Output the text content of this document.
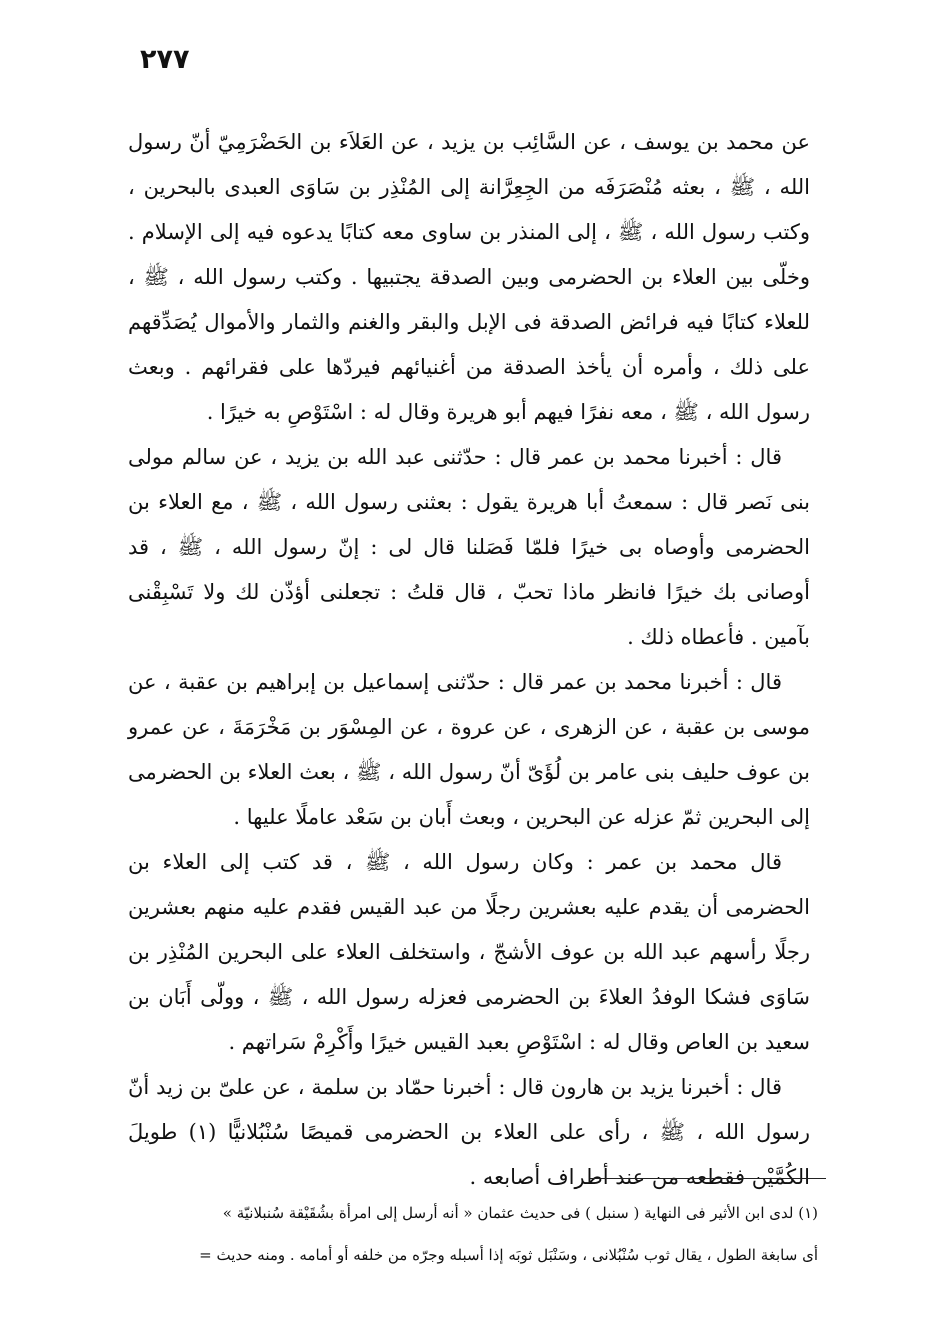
٢٧٧

عن محمد بن يوسف ، عن السَّائِب بن يزيد ، عن العَلاَء بن الحَضْرَمِيّ أنّ رسول الله ، ﷺ ، بعثه مُنْصَرَفَه من الجِعِرَّانة إلى المُنْذِر بن سَاوَى العبدى بالبحرين ، وكتب رسول الله ، ﷺ ، إلى المنذر بن ساوى معه كتابًا يدعوه فيه إلى الإسلام . وخلّى بين العلاء بن الحضرمى وبين الصدقة يجتبيها . وكتب رسول الله ، ﷺ ، للعلاء كتابًا فيه فرائض الصدقة فى الإبل والبقر والغنم والثمار والأموال يُصَدِّقهم على ذلك ، وأمره أن يأخذ الصدقة من أغنيائهم فيردّها على فقرائهم . وبعث رسول الله ، ﷺ ، معه نفرًا فيهم أبو هريرة وقال له : اسْتَوْصِ به خيرًا .

قال : أخبرنا محمد بن عمر قال : حدّثنى عبد الله بن يزيد ، عن سالم مولى بنى نَصر قال : سمعتُ أبا هريرة يقول : بعثنى رسول الله ، ﷺ ، مع العلاء بن الحضرمى وأوصاه بى خيرًا فلمّا فَصَلنا قال لى : إنّ رسول الله ، ﷺ ، قد أوصانى بك خيرًا فانظر ماذا تحبّ ، قال قلتُ : تجعلنى أؤذّن لك ولا تَسْبِقْنى بآمين . فأعطاه ذلك .

قال : أخبرنا محمد بن عمر قال : حدّثنى إسماعيل بن إبراهيم بن عقبة ، عن موسى بن عقبة ، عن الزهرى ، عن عروة ، عن المِسْوَر بن مَخْرَمَةَ ، عن عمرو بن عوف حليف بنى عامر بن لُؤَىّ أنّ رسول الله ، ﷺ ، بعث العلاء بن الحضرمى إلى البحرين ثمّ عزله عن البحرين ، وبعث أَبان بن سَعْد عاملًا عليها .

قال محمد بن عمر : وكان رسول الله ، ﷺ ، قد كتب إلى العلاء بن الحضرمى أن يقدم عليه بعشرين رجلًا من عبد القيس فقدم عليه منهم بعشرين رجلًا رأسهم عبد الله بن عوف الأشجّ ، واستخلف العلاء على البحرين المُنْذِر بن سَاوَى فشكا الوفدُ العلاءَ بن الحضرمى فعزله رسول الله ، ﷺ ، وولّى أَبَان بن سعيد بن العاص وقال له : اسْتَوْصِ بعبد القيس خيرًا وأَكْرِمْ سَراتهم .

قال : أخبرنا يزيد بن هارون قال : أخبرنا حمّاد بن سلمة ، عن علىّ بن زيد أنّ رسول الله ، ﷺ ، رأى على العلاء بن الحضرمى قميصًا سُنْبُلانيًّا (١) طويلَ الكُمَّيْن فقطعه من عند أطراف أصابعه .

(١) لدى ابن الأثير فى النهاية ( سنبل ) فى حديث عثمان « أنه أرسل إلى امرأة بشُقَيْقة سُنبلانيّة »

أى سابغة الطول ، يقال ثوب سُنْبُلانى ، وسَنْبَل ثوبَه إذا أسبله وجرّه من خلفه أو أمامه . ومنه حديث =
